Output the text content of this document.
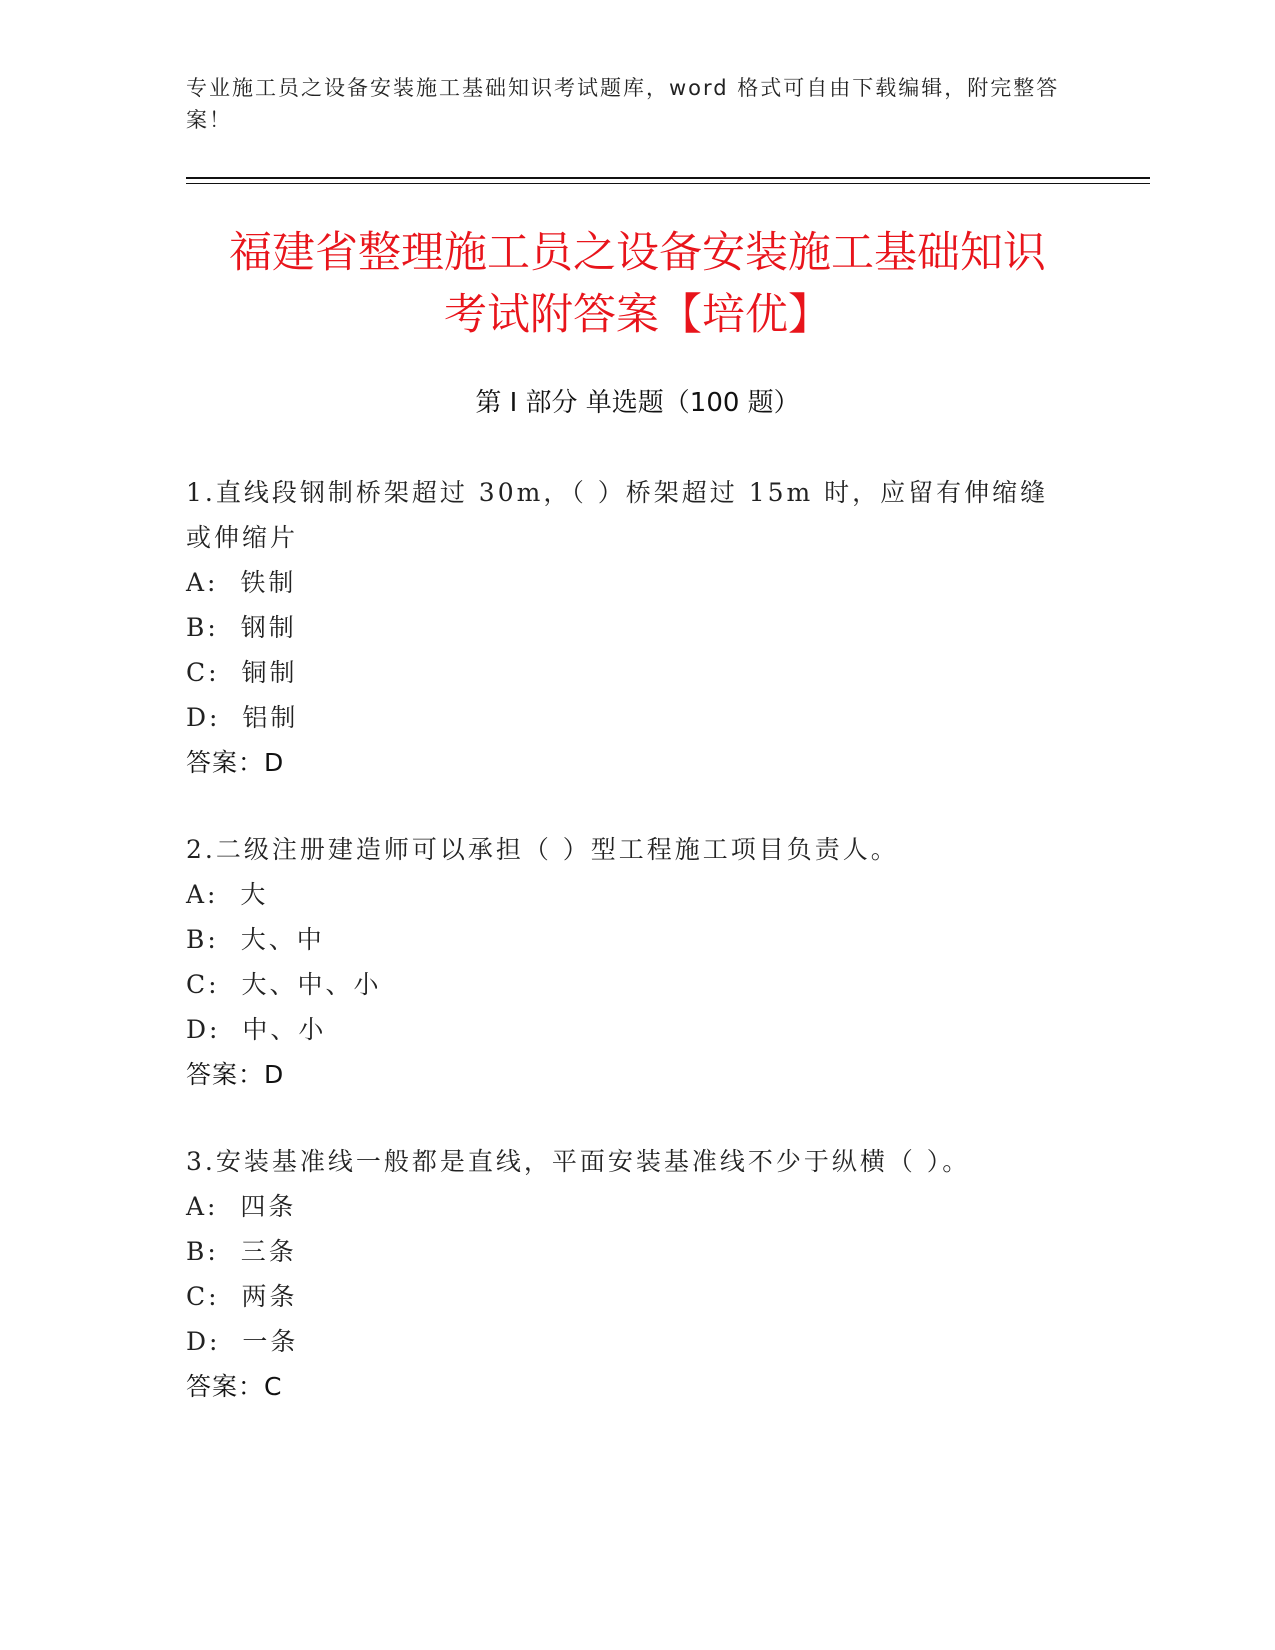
专业施工员之设备安装施工基础知识考试题库，word 格式可自由下载编辑，附完整答案！
福建省整理施工员之设备安装施工基础知识
考试附答案【培优】
第 I 部分 单选题（100 题）
1.直线段钢制桥架超过 30m，（ ）桥架超过 15m 时，应留有伸缩缝或伸缩片
A:  铁制
B:  钢制
C:  铜制
D:  铝制
答案：D
2.二级注册建造师可以承担（ ）型工程施工项目负责人。
A:  大
B:  大、中
C:  大、中、小
D:  中、小
答案：D
3.安装基准线一般都是直线，平面安装基准线不少于纵横（ ）。
A:  四条
B:  三条
C:  两条
D:  一条
答案：C
